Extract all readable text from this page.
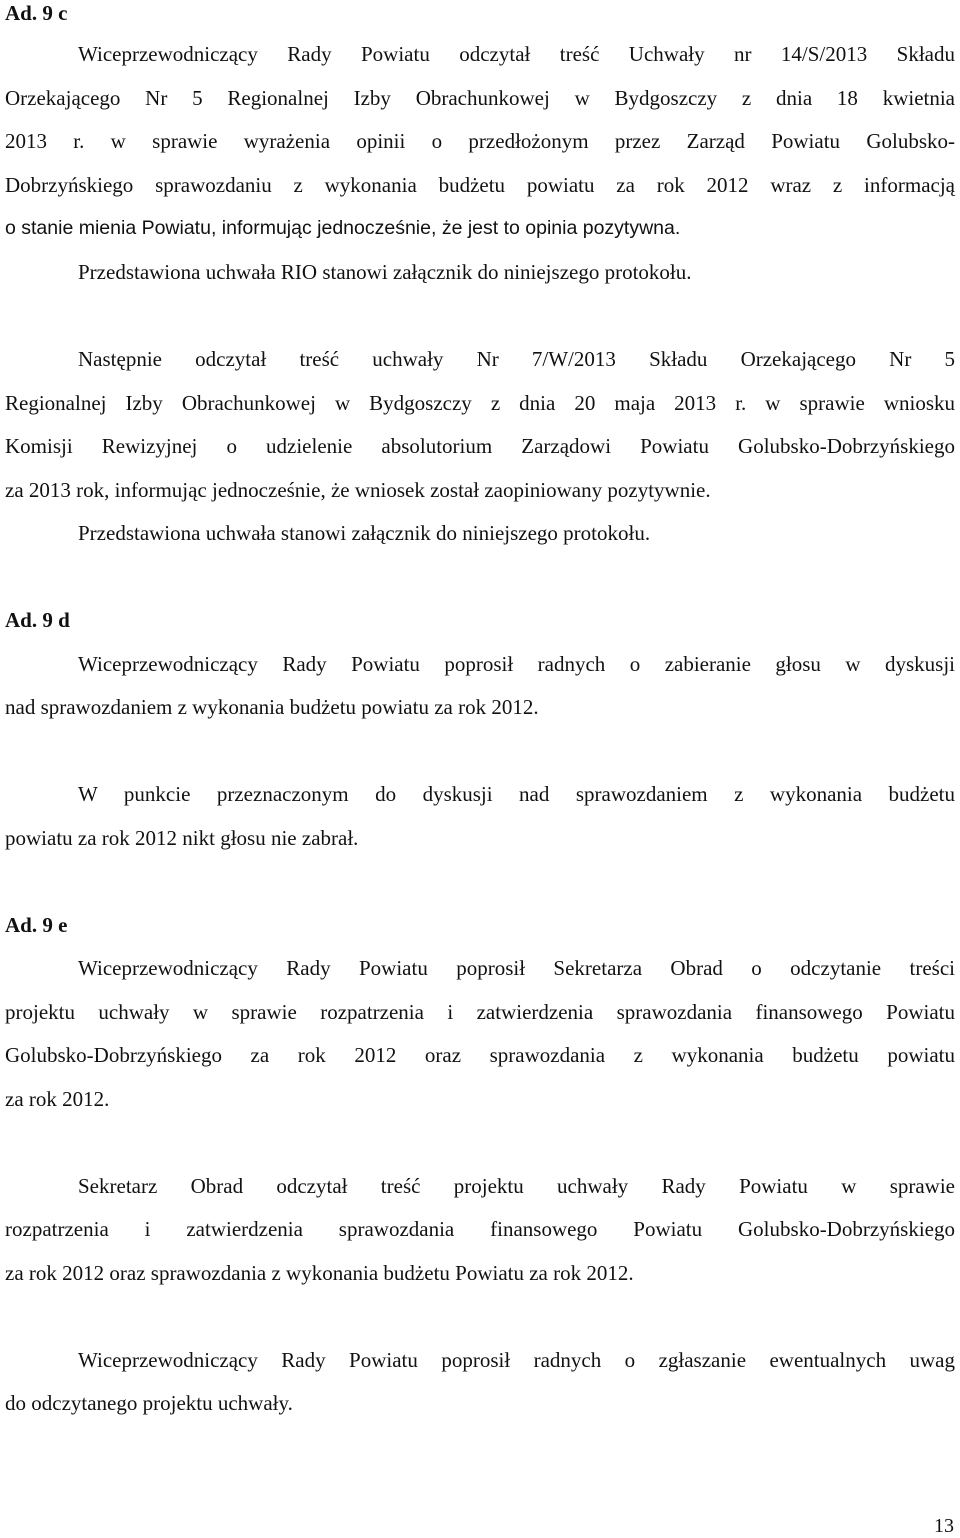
Ad. 9 c
Wiceprzewodniczący Rady Powiatu odczytał treść Uchwały nr 14/S/2013 Składu
Orzekającego Nr 5 Regionalnej Izby Obrachunkowej w Bydgoszczy z dnia 18 kwietnia
2013 r. w sprawie wyrażenia opinii o przedłożonym przez Zarząd Powiatu Golubsko-
Dobrzyńskiego sprawozdaniu z wykonania budżetu powiatu za rok 2012 wraz z informacją
o stanie mienia Powiatu, informując jednocześnie, że jest to opinia pozytywna.
Przedstawiona uchwała RIO stanowi załącznik do niniejszego protokołu.
Następnie odczytał treść uchwały Nr 7/W/2013 Składu Orzekającego Nr 5
Regionalnej Izby Obrachunkowej w Bydgoszczy z dnia 20 maja 2013 r. w sprawie wniosku
Komisji Rewizyjnej o udzielenie absolutorium Zarządowi Powiatu Golubsko-Dobrzyńskiego
za 2013 rok, informując jednocześnie, że wniosek został zaopiniowany pozytywnie.
Przedstawiona uchwała stanowi załącznik do niniejszego protokołu.
Ad. 9 d
Wiceprzewodniczący Rady Powiatu poprosił radnych o zabieranie głosu w dyskusji
nad sprawozdaniem z wykonania budżetu powiatu za rok 2012.
W punkcie przeznaczonym do dyskusji nad sprawozdaniem z wykonania budżetu
powiatu za rok 2012 nikt głosu nie zabrał.
Ad. 9 e
Wiceprzewodniczący Rady Powiatu poprosił Sekretarza Obrad o odczytanie treści
projektu uchwały w sprawie rozpatrzenia i zatwierdzenia sprawozdania finansowego Powiatu
Golubsko-Dobrzyńskiego za rok 2012 oraz sprawozdania z wykonania budżetu powiatu
za rok 2012.
Sekretarz Obrad odczytał treść projektu uchwały Rady Powiatu w sprawie
rozpatrzenia i zatwierdzenia sprawozdania finansowego Powiatu Golubsko-Dobrzyńskiego
za rok 2012 oraz sprawozdania z wykonania budżetu Powiatu za rok 2012.
Wiceprzewodniczący Rady Powiatu poprosił radnych o zgłaszanie ewentualnych uwag
do odczytanego projektu uchwały.
13
